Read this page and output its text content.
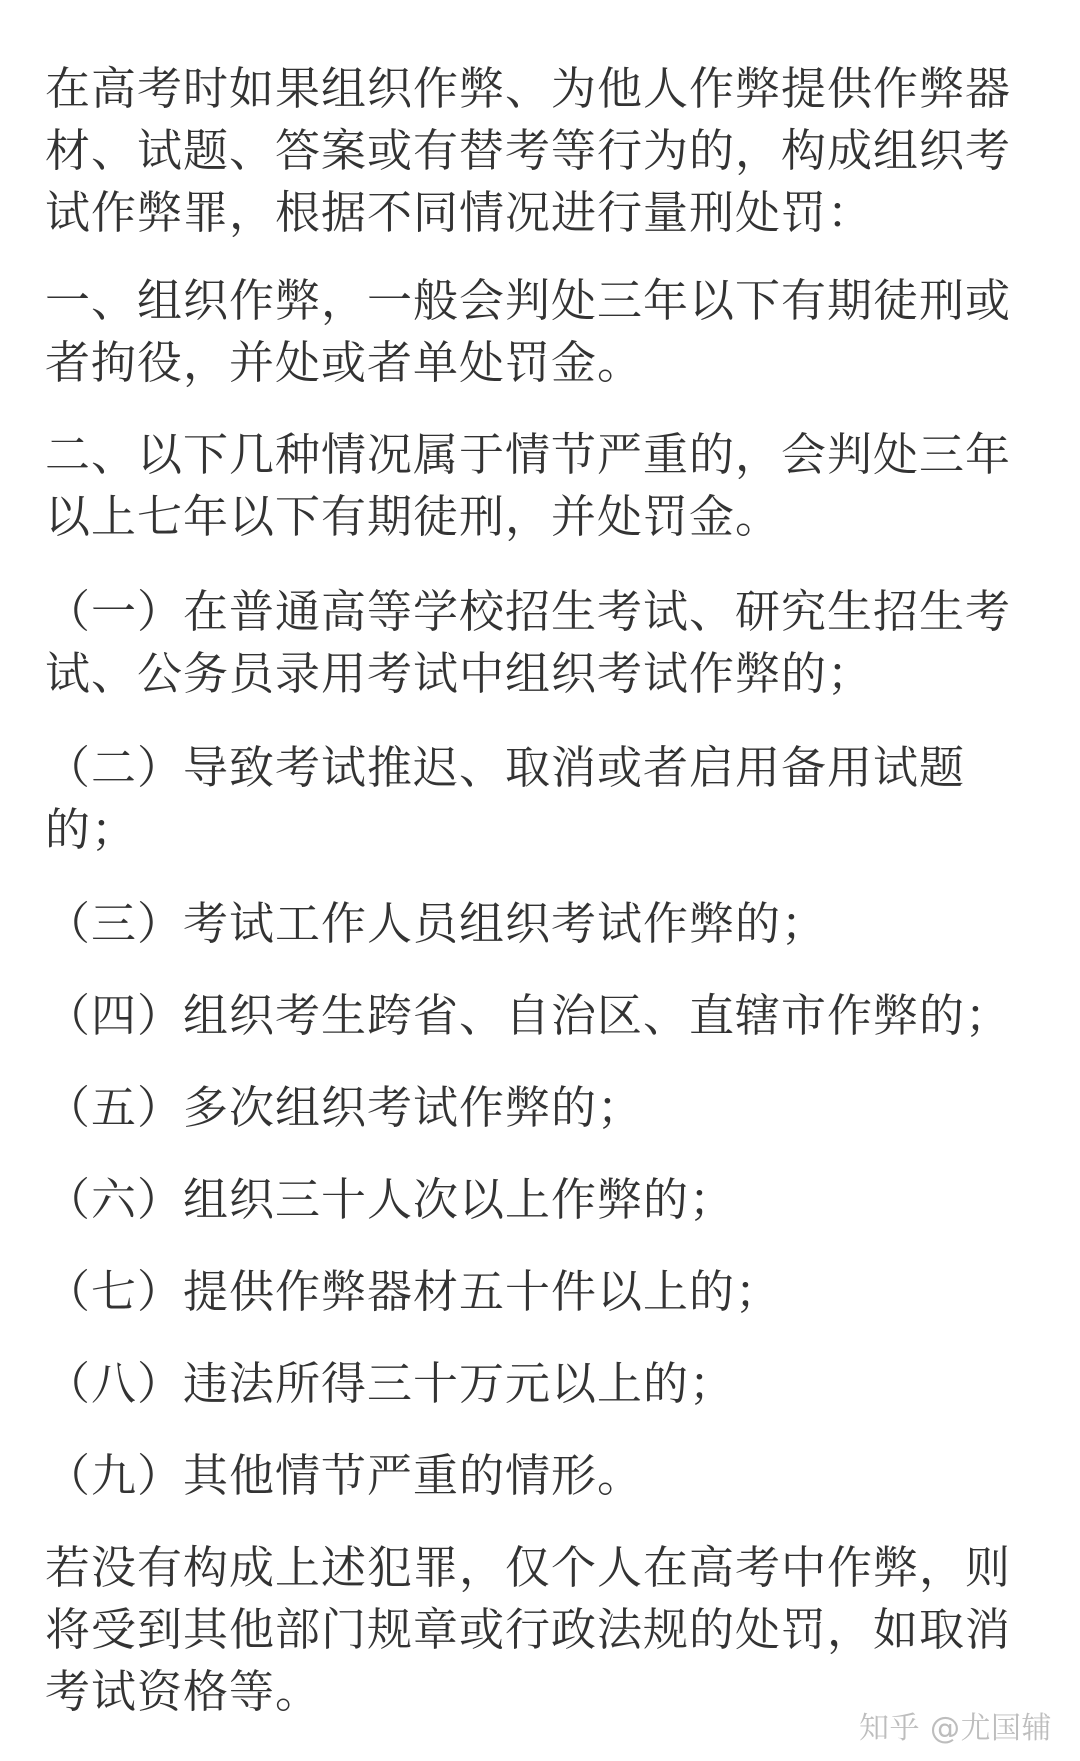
在高考时如果组织作弊、为他人作弊提供作弊器材、试题、答案或有替考等行为的，构成组织考试作弊罪，根据不同情况进行量刑处罚：

一、组织作弊，一般会判处三年以下有期徒刑或者拘役，并处或者单处罚金。

二、以下几种情况属于情节严重的，会判处三年以上七年以下有期徒刑，并处罚金。

（一）在普通高等学校招生考试、研究生招生考试、公务员录用考试中组织考试作弊的；

（二）导致考试推迟、取消或者启用备用试题的；

（三）考试工作人员组织考试作弊的；

（四）组织考生跨省、自治区、直辖市作弊的；

（五）多次组织考试作弊的；

（六）组织三十人次以上作弊的；

（七）提供作弊器材五十件以上的；

（八）违法所得三十万元以上的；

（九）其他情节严重的情形。

若没有构成上述犯罪，仅个人在高考中作弊，则将受到其他部门规章或行政法规的处罚，如取消考试资格等。

知乎 @尤国辅
